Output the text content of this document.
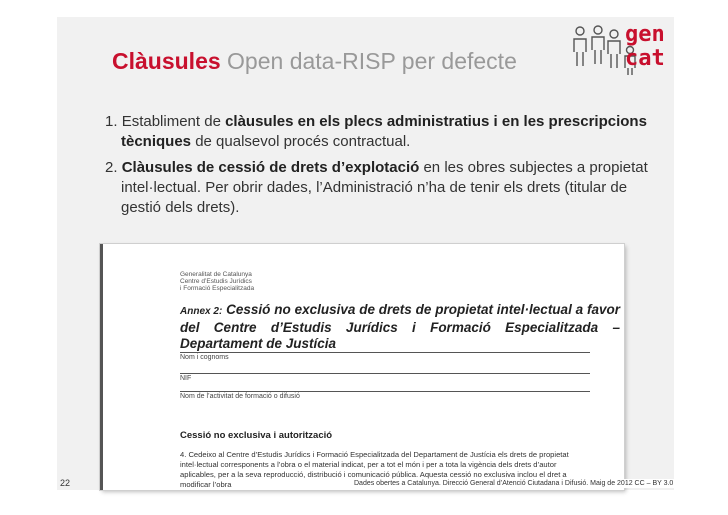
Clàusules Open data-RISP per defecte
gen
cat
1. Establiment de clàusules en els plecs administratius i en les prescripcions tècniques de qualsevol procés contractual.
2. Clàusules de cessió de drets d’explotació en les obres subjectes a propietat intel·lectual. Per obrir dades, l’Administració n’ha de tenir els drets (titular de gestió dels drets).
Generalitat de Catalunya
Centre d’Estudis Jurídics
i Formació Especialitzada
Annex 2: Cessió no exclusiva de drets de propietat intel·lectual a favor del Centre d’Estudis Jurídics i Formació Especialitzada – Departament de Justícia
Nom i cognoms
NIF
Nom de l’activitat de formació o difusió
Cessió no exclusiva i autorització
4. Cedeixo al Centre d’Estudis Jurídics i Formació Especialitzada del Departament de Justícia els drets de propietat intel·lectual corresponents a l’obra o el material indicat, per a tot el món i per a tota la vigència dels drets d’autor aplicables, per a la seva reproducció, distribució i comunicació pública. Aquesta cessió no exclusiva inclou el dret a modificar l’obra
22	Dades obertes a Catalunya. Direcció General d’Atenció Ciutadana i Difusió. Maig de 2012 CC – BY 3.0
